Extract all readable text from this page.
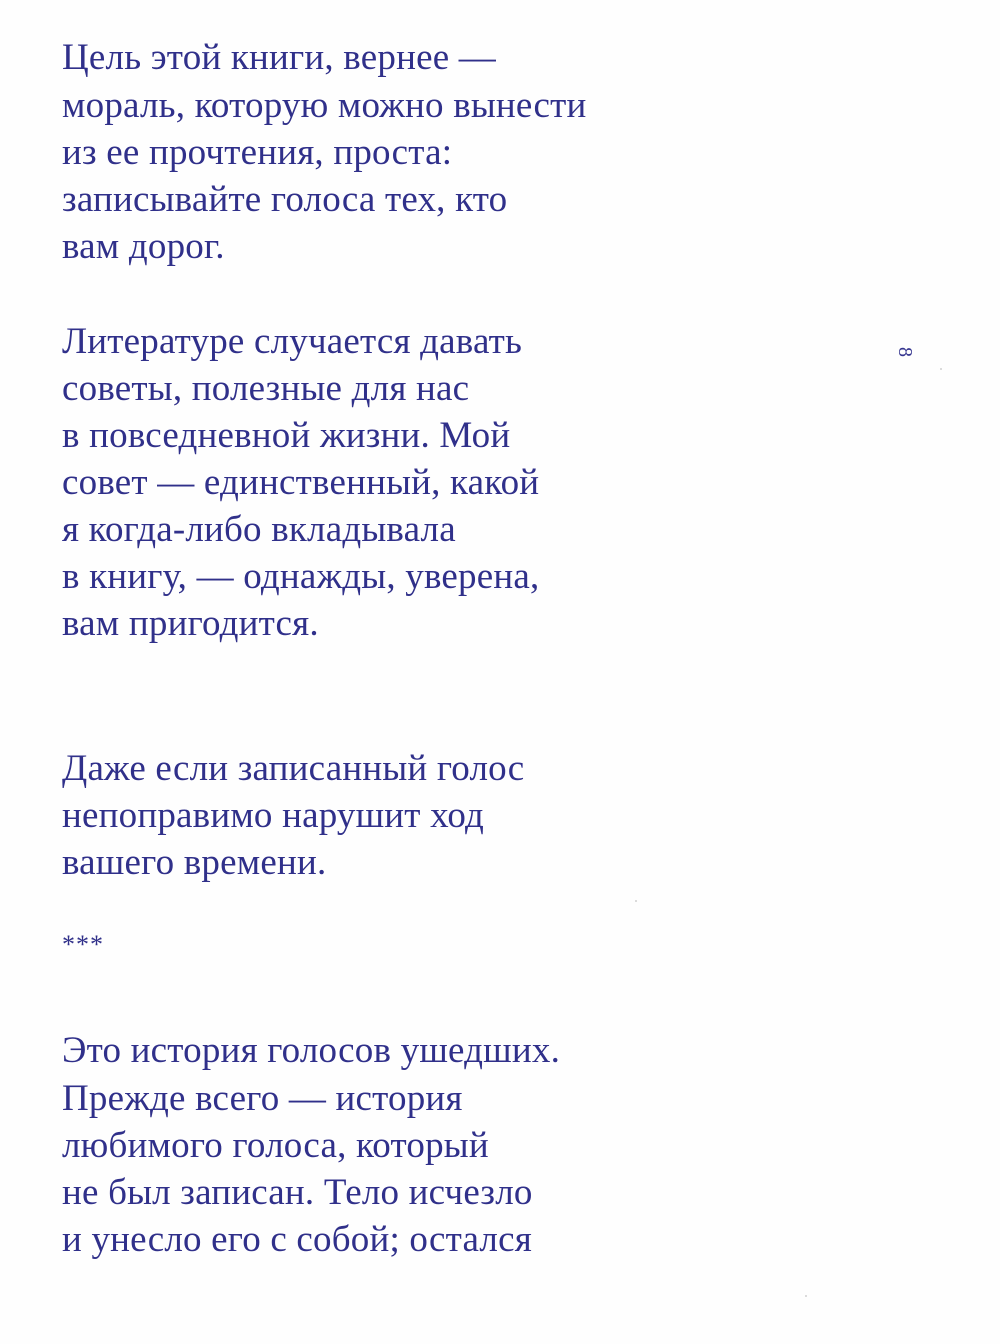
Цель этой книги, вернее —
мораль, которую можно вынести
из ее прочтения, проста:
записывайте голоса тех, кто
вам дорог.
Литературе случается давать
советы, полезные для нас
в повседневной жизни. Мой
совет — единственный, какой
я когда-либо вкладывала
в книгу, — однажды, уверена,
вам пригодится.
Даже если записанный голос
непоправимо нарушит ход
вашего времени.
***
Это история голосов ушедших.
Прежде всего — история
любимого голоса, который
не был записан. Тело исчезло
и унесло его с собой; остался
8
